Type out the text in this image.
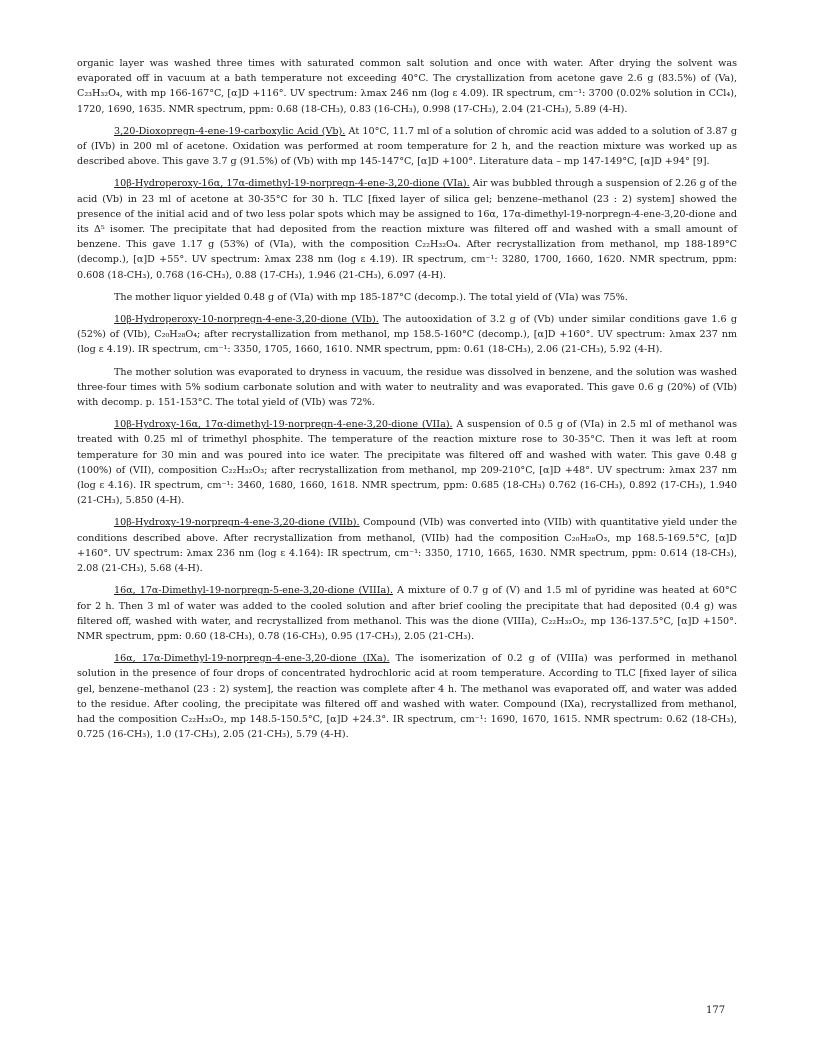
organic layer was washed three times with saturated common salt solution and once with water. After drying the solvent was evaporated off in vacuum at a bath temperature not exceeding 40°C. The crystallization from acetone gave 2.6 g (83.5%) of (Va), C₂₃H₃₂O₄, with mp 166-167°C, [α]D +116°. UV spectrum: λmax 246 nm (log ε 4.09). IR spectrum, cm⁻¹: 3700 (0.02% solution in CCl₄), 1720, 1690, 1635. NMR spectrum, ppm: 0.68 (18-CH₃), 0.83 (16-CH₃), 0.998 (17-CH₃), 2.04 (21-CH₃), 5.89 (4-H).

3,20-Dioxopregn-4-ene-19-carboxylic Acid (Vb). At 10°C, 11.7 ml of a solution of chromic acid was added to a solution of 3.87 g of (IVb) in 200 ml of acetone. Oxidation was performed at room temperature for 2 h, and the reaction mixture was worked up as described above. This gave 3.7 g (91.5%) of (Vb) with mp 145-147°C, [α]D +100°. Literature data – mp 147-149°C, [α]D +94° [9].

10β-Hydroperoxy-16α, 17α-dimethyl-19-norpregn-4-ene-3,20-dione (VIa). Air was bubbled through a suspension of 2.26 g of the acid (Vb) in 23 ml of acetone at 30-35°C for 30 h. TLC [fixed layer of silica gel; benzene–methanol (23 : 2) system] showed the presence of the initial acid and of two less polar spots which may be assigned to 16α, 17α-dimethyl-19-norpregn-4-ene-3,20-dione and its Δ⁵ isomer. The precipitate that had deposited from the reaction mixture was filtered off and washed with a small amount of benzene. This gave 1.17 g (53%) of (VIa), with the composition C₂₂H₃₂O₄. After recrystallization from methanol, mp 188-189°C (decomp.), [α]D +55°. UV spectrum: λmax 238 nm (log ε 4.19). IR spectrum, cm⁻¹: 3280, 1700, 1660, 1620. NMR spectrum, ppm: 0.608 (18-CH₃), 0.768 (16-CH₃), 0.88 (17-CH₃), 1.946 (21-CH₃), 6.097 (4-H).

The mother liquor yielded 0.48 g of (VIa) with mp 185-187°C (decomp.). The total yield of (VIa) was 75%.

10β-Hydroperoxy-10-norpregn-4-ene-3,20-dione (VIb). The autooxidation of 3.2 g of (Vb) under similar conditions gave 1.6 g (52%) of (VIb), C₂₀H₂₈O₄; after recrystallization from methanol, mp 158.5-160°C (decomp.), [α]D +160°. UV spectrum: λmax 237 nm (log ε 4.19). IR spectrum, cm⁻¹: 3350, 1705, 1660, 1610. NMR spectrum, ppm: 0.61 (18-CH₃), 2.06 (21-CH₃), 5.92 (4-H).

The mother solution was evaporated to dryness in vacuum, the residue was dissolved in benzene, and the solution was washed three-four times with 5% sodium carbonate solution and with water to neutrality and was evaporated. This gave 0.6 g (20%) of (VIb) with decomp. p. 151-153°C. The total yield of (VIb) was 72%.

10β-Hydroxy-16α, 17α-dimethyl-19-norpregn-4-ene-3,20-dione (VIIa). A suspension of 0.5 g of (VIa) in 2.5 ml of methanol was treated with 0.25 ml of trimethyl phosphite. The temperature of the reaction mixture rose to 30-35°C. Then it was left at room temperature for 30 min and was poured into ice water. The precipitate was filtered off and washed with water. This gave 0.48 g (100%) of (VII), composition C₂₂H₃₂O₃; after recrystallization from methanol, mp 209-210°C, [α]D +48°. UV spectrum: λmax 237 nm (log ε 4.16). IR spectrum, cm⁻¹: 3460, 1680, 1660, 1618. NMR spectrum, ppm: 0.685 (18-CH₃) 0.762 (16-CH₃), 0.892 (17-CH₃), 1.940 (21-CH₃), 5.850 (4-H).

10β-Hydroxy-19-norpregn-4-ene-3,20-dione (VIIb). Compound (VIb) was converted into (VIIb) with quantitative yield under the conditions described above. After recrystallization from methanol, (VIIb) had the composition C₂₀H₂₈O₃, mp 168.5-169.5°C, [α]D +160°. UV spectrum: λmax 236 nm (log ε 4.164): IR spectrum, cm⁻¹: 3350, 1710, 1665, 1630. NMR spectrum, ppm: 0.614 (18-CH₃), 2.08 (21-CH₃), 5.68 (4-H).

16α, 17α-Dimethyl-19-norpregn-5-ene-3,20-dione (VIIIa). A mixture of 0.7 g of (V) and 1.5 ml of pyridine was heated at 60°C for 2 h. Then 3 ml of water was added to the cooled solution and after brief cooling the precipitate that had deposited (0.4 g) was filtered off, washed with water, and recrystallized from methanol. This was the dione (VIIIa), C₂₂H₃₂O₂, mp 136-137.5°C, [α]D +150°. NMR spectrum, ppm: 0.60 (18-CH₃), 0.78 (16-CH₃), 0.95 (17-CH₃), 2.05 (21-CH₃).

16α, 17α-Dimethyl-19-norpregn-4-ene-3,20-dione (IXa). The isomerization of 0.2 g of (VIIIa) was performed in methanol solution in the presence of four drops of concentrated hydrochloric acid at room temperature. According to TLC [fixed layer of silica gel, benzene–methanol (23 : 2) system], the reaction was complete after 4 h. The methanol was evaporated off, and water was added to the residue. After cooling, the precipitate was filtered off and washed with water. Compound (IXa), recrystallized from methanol, had the composition C₂₂H₃₂O₂, mp 148.5-150.5°C, [α]D +24.3°. IR spectrum, cm⁻¹: 1690, 1670, 1615. NMR spectrum: 0.62 (18-CH₃), 0.725 (16-CH₃), 1.0 (17-CH₃), 2.05 (21-CH₃), 5.79 (4-H).

177
